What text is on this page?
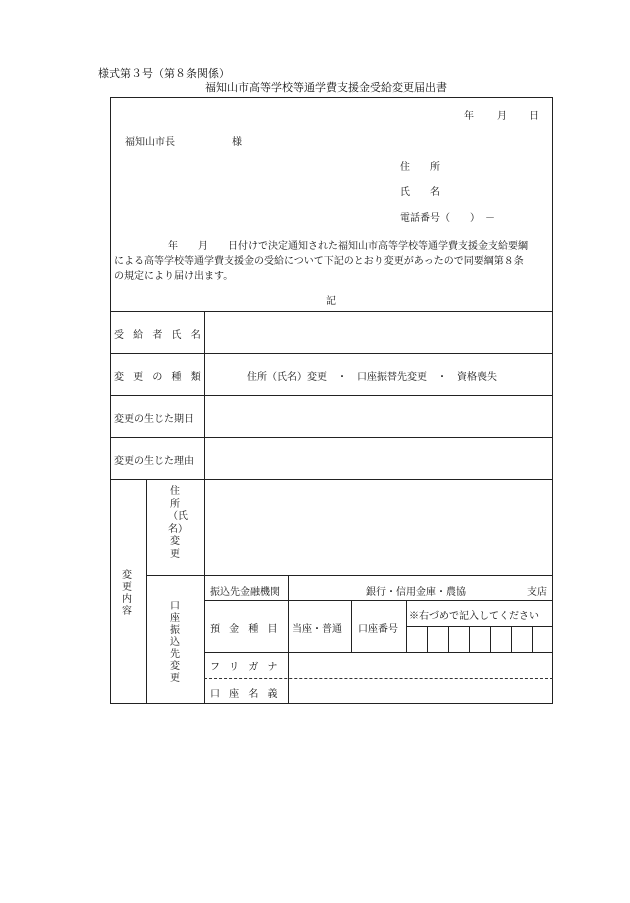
様式第３号（第８条関係）
福知山市高等学校等通学費支援金受給変更届出書
年 月 日
福知山市長	様
住　　所
氏　　名
電話番号（　　）　－
年　　月　　日付けで決定通知された福知山市高等学校等通学費支援金支給要綱
による高等学校等通学費支援金の受給について下記のとおり変更があったので同要綱第８条
の規定により届け出ます。
記
受 給 者 氏 名
変 更 の 種 類	住所（氏名）変更　・　口座振替先変更　・　資格喪失
変更の生じた期日
変更の生じた理由
変更内容
住所（氏名）変更
口座振込先変更
振込先金融機関	銀行・信用金庫・農協	支店
預 金 種 目 当座・普通 口座番号
※右づめで記入してください
フ リ ガ ナ
口 座 名 義
